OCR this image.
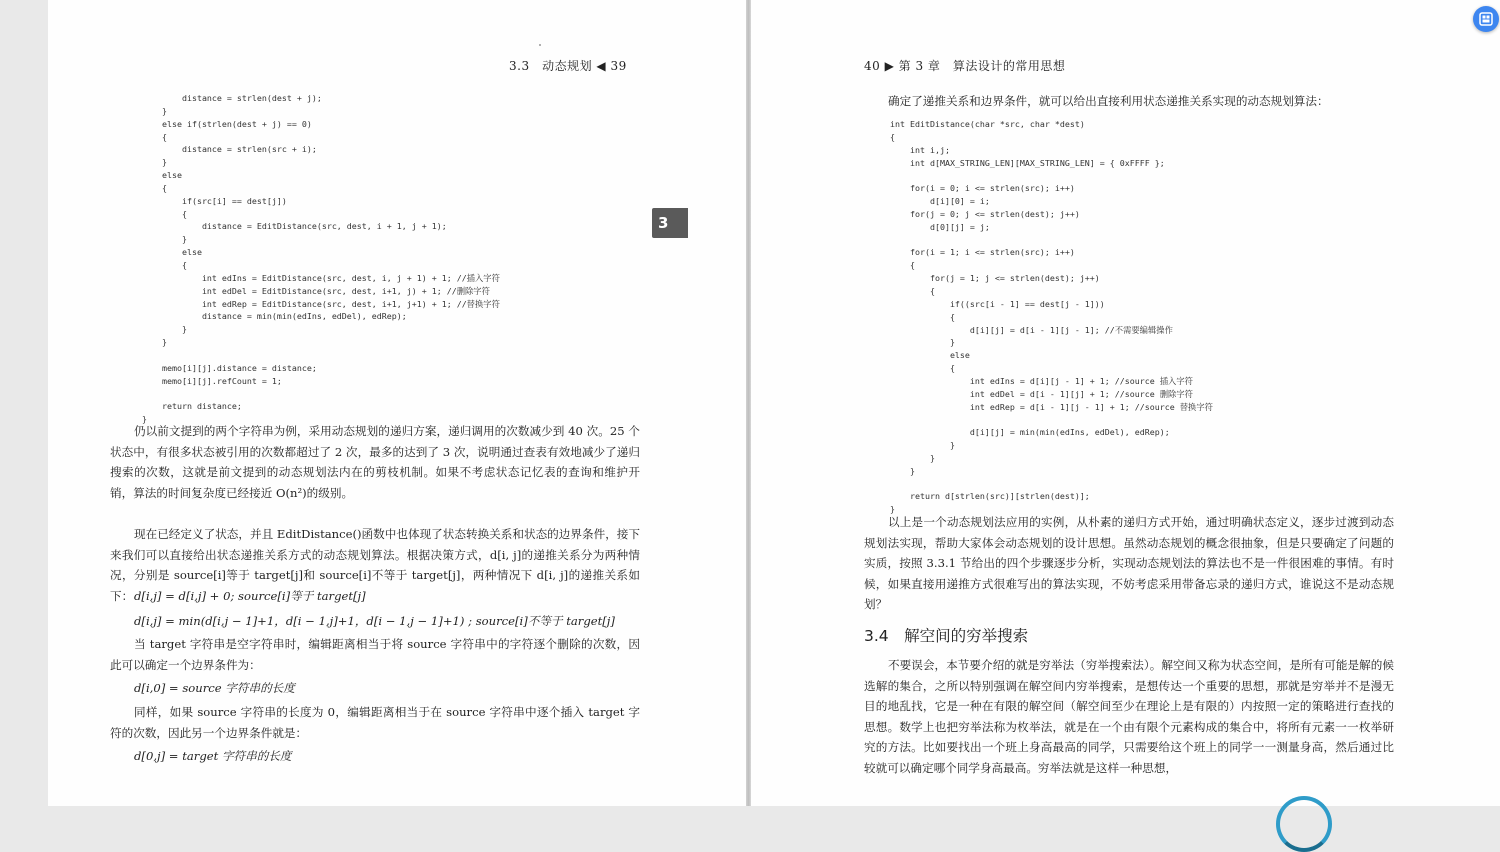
3.3　动态规划 ◀ 39
3
distance = strlen(dest + j);
}
else if(strlen(dest + j) == 0)
{
distance = strlen(src + i);
}
else
{
if(src[i] == dest[j])
{
distance = EditDistance(src, dest, i + 1, j + 1);
}
else
{
int edIns = EditDistance(src, dest, i, j + 1) + 1; //插入字符
int edDel = EditDistance(src, dest, i+1, j) + 1; //删除字符
int edRep = EditDistance(src, dest, i+1, j+1) + 1; //替换字符
distance = min(min(edIns, edDel), edRep);
}
}

memo[i][j].distance = distance;
memo[i][j].refCount = 1;

return distance;
}

仍以前文提到的两个字符串为例，采用动态规划的递归方案，递归调用的次数减少到 40 次。25 个状态中，有很多状态被引用的次数都超过了 2 次，最多的达到了 3 次，说明通过查表有效地减少了递归搜索的次数，这就是前文提到的动态规划法内在的剪枝机制。如果不考虑状态记忆表的查询和维护开销，算法的时间复杂度已经接近 O(n²)的级别。

现在已经定义了状态，并且 EditDistance()函数中也体现了状态转换关系和状态的边界条件，接下来我们可以直接给出状态递推关系方式的动态规划算法。根据决策方式，d[i, j]的递推关系分为两种情况，分别是 source[i]等于 target[j]和 source[i]不等于 target[j]，两种情况下 d[i, j]的递推关系如下： d[i,j] = d[i,j] + 0; source[i]等于 target[j]
d[i,j] = min(d[i,j − 1]+1，d[i − 1,j]+1，d[i − 1,j − 1]+1) ; source[i]不等于 target[j]

当 target 字符串是空字符串时，编辑距离相当于将 source 字符串中的字符逐个删除的次数，因此可以确定一个边界条件为：

d[i,0] = source 字符串的长度

同样，如果 source 字符串的长度为 0，编辑距离相当于在 source 字符串中逐个插入 target 字符的次数，因此另一个边界条件就是：

d[0,j] = target 字符串的长度
40 ▶ 第 3 章　算法设计的常用思想

确定了递推关系和边界条件，就可以给出直接利用状态递推关系实现的动态规划算法：

int EditDistance(char *src, char *dest)
{
int i,j;
int d[MAX_STRING_LEN][MAX_STRING_LEN] = { 0xFFFF };

for(i = 0; i <= strlen(src); i++)
d[i][0] = i;
for(j = 0; j <= strlen(dest); j++)
d[0][j] = j;

for(i = 1; i <= strlen(src); i++)
{
for(j = 1; j <= strlen(dest); j++)
{
if((src[i - 1] == dest[j - 1]))
{
d[i][j] = d[i - 1][j - 1]; //不需要编辑操作
}
else
{
int edIns = d[i][j - 1] + 1; //source 插入字符
int edDel = d[i - 1][j] + 1; //source 删除字符
int edRep = d[i - 1][j - 1] + 1; //source 替换字符

d[i][j] = min(min(edIns, edDel), edRep);
}
}
}

return d[strlen(src)][strlen(dest)];
}

以上是一个动态规划法应用的实例，从朴素的递归方式开始，通过明确状态定义，逐步过渡到动态规划法实现，帮助大家体会动态规划的设计思想。虽然动态规划的概念很抽象，但是只要确定了问题的实质，按照 3.3.1 节给出的四个步骤逐步分析，实现动态规划法的算法也不是一件很困难的事情。有时候，如果直接用递推方式很难写出的算法实现，不妨考虑采用带备忘录的递归方式，谁说这不是动态规划？

3.4　解空间的穷举搜索

不要误会，本节要介绍的就是穷举法（穷举搜索法）。解空间又称为状态空间，是所有可能是解的候选解的集合，之所以特别强调在解空间内穷举搜索，是想传达一个重要的思想，那就是穷举并不是漫无目的地乱找，它是一种在有限的解空间（解空间至少在理论上是有限的）内按照一定的策略进行查找的思想。数学上也把穷举法称为枚举法，就是在一个由有限个元素构成的集合中，将所有元素一一枚举研究的方法。比如要找出一个班上身高最高的同学，只需要给这个班上的同学一一测量身高，然后通过比较就可以确定哪个同学身高最高。穷举法就是这样一种思想，
